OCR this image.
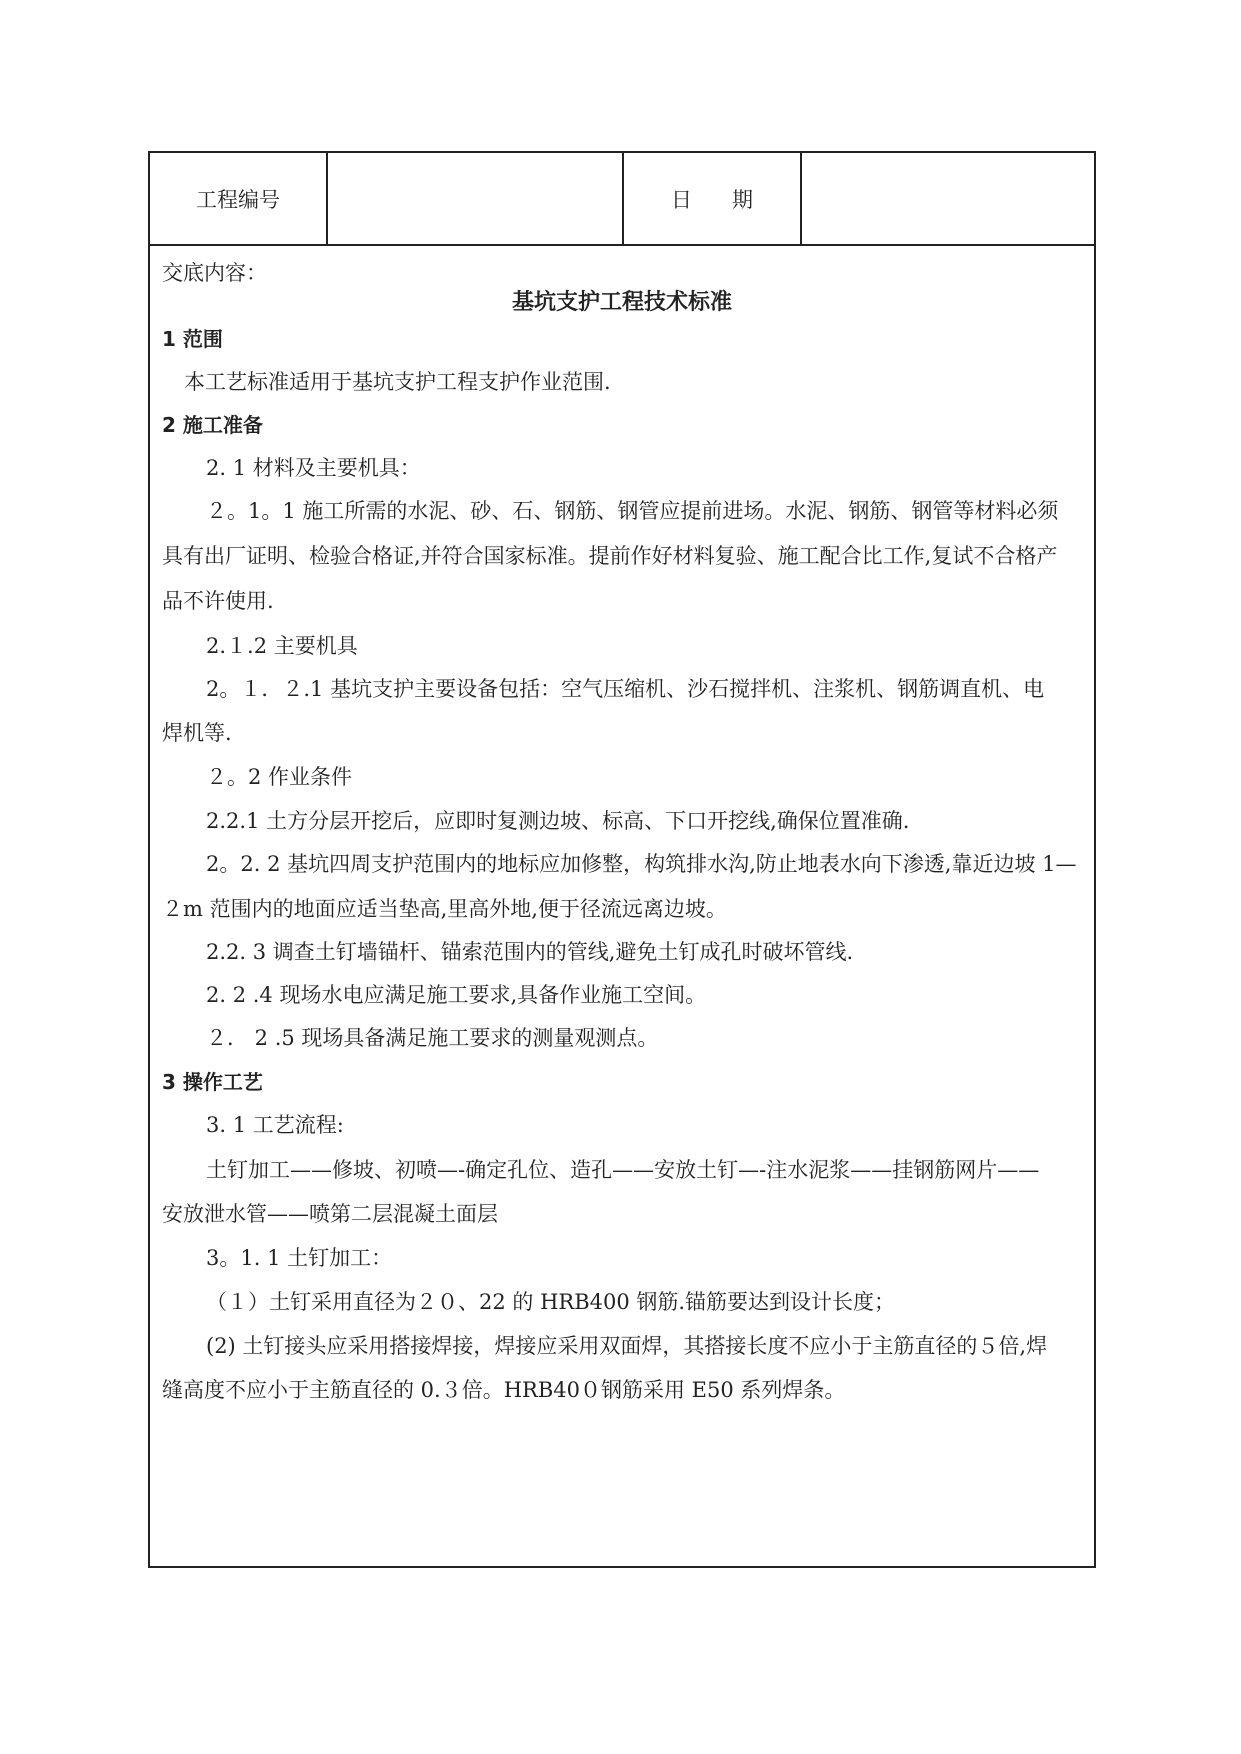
工程编号	日期
交底内容：
基坑支护工程技术标准
1 范围
本工艺标准适用于基坑支护工程支护作业范围.
2 施工准备
2. 1 材料及主要机具：
２。1。1 施工所需的水泥、砂、石、钢筋、钢管应提前进场。水泥、钢筋、钢管等材料必须
具有出厂证明、检验合格证,并符合国家标准。提前作好材料复验、施工配合比工作,复试不合格产
品不许使用.
2.１.2 主要机具
2。１．２.1 基坑支护主要设备包括：空气压缩机、沙石搅拌机、注浆机、钢筋调直机、电
焊机等.
２。2 作业条件
2.2.1 土方分层开挖后，应即时复测边坡、标高、下口开挖线,确保位置准确.
2。2. 2 基坑四周支护范围内的地标应加修整，构筑排水沟,防止地表水向下渗透,靠近边坡 1—
２m 范围内的地面应适当垫高,里高外地,便于径流远离边坡。
2.2. 3 调查土钉墙锚杆、锚索范围内的管线,避免土钉成孔时破坏管线.
2. 2 .4 现场水电应满足施工要求,具备作业施工空间。
２． 2 .5 现场具备满足施工要求的测量观测点。
3 操作工艺
3. 1 工艺流程:
土钉加工——修坡、初喷—-确定孔位、造孔——安放土钉—-注水泥浆——挂钢筋网片——
安放泄水管——喷第二层混凝土面层
3。1. 1 土钉加工：
（１）土钉采用直径为２０、22 的 HRB400 钢筋.锚筋要达到设计长度；
(2) 土钉接头应采用搭接焊接，焊接应采用双面焊，其搭接长度不应小于主筋直径的５倍,焊
缝高度不应小于主筋直径的 0.３倍。HRB40０钢筋采用 E50 系列焊条。
